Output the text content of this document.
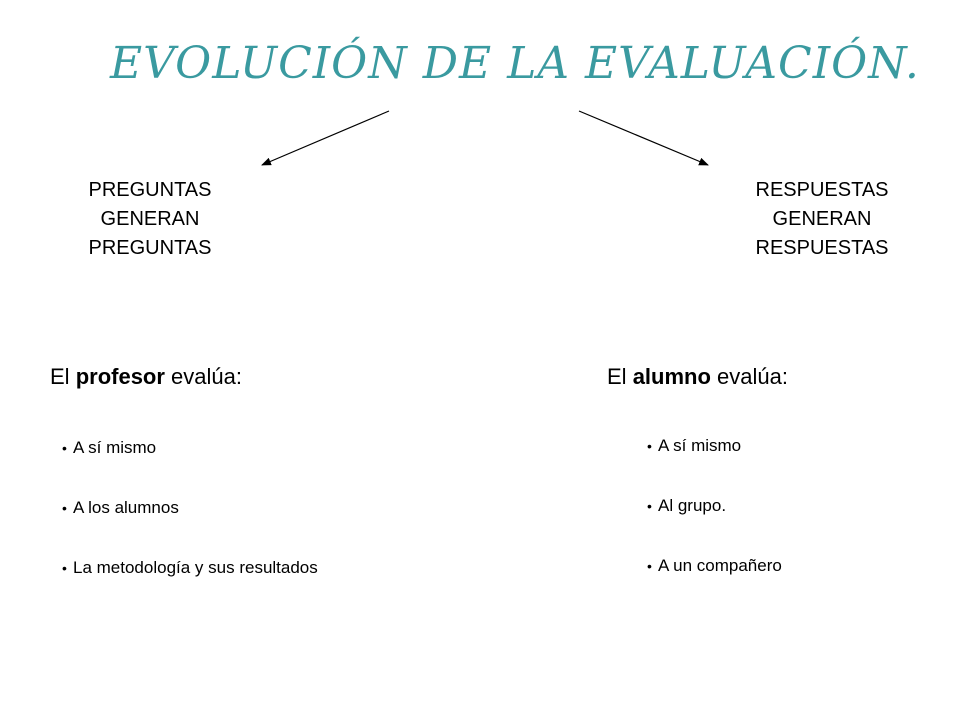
EVOLUCIÓN DE LA EVALUACIÓN.
PREGUNTAS
GENERAN
PREGUNTAS
RESPUESTAS
GENERAN
RESPUESTAS
El profesor evalúa:	El alumno evalúa:
• A sí mismo
• A los alumnos
• La metodología y sus resultados
• A sí mismo
• Al grupo.
• A un compañero
